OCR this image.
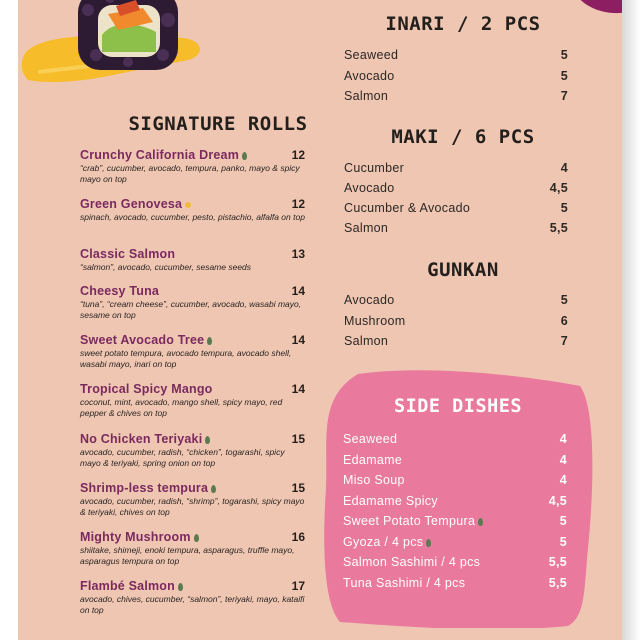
SIGNATURE ROLLS
Crunchy California Dream	12
“crab”, cucumber, avocado, tempura, panko, mayo & spicy mayo on top
Green Genovesa	12
spinach, avocado, cucumber, pesto, pistachio, alfalfa on top
Classic Salmon	13
“salmon”, avocado, cucumber, sesame seeds
Cheesy Tuna	14
“tuna”, “cream cheese”, cucumber, avocado, wasabi mayo, sesame on top
Sweet Avocado Tree	14
sweet potato tempura, avocado tempura, avocado shell, wasabi mayo, inari on top
Tropical Spicy Mango	14
coconut, mint, avocado, mango shell, spicy mayo, red pepper & chives on top
No Chicken Teriyaki	15
avocado, cucumber, radish, “chicken”, togarashi, spicy mayo & teriyaki, spring onion on top
Shrimp-less tempura	15
avocado, cucumber, radish, “shrimp”, togarashi, spicy mayo & teriyaki, chives on top
Mighty Mushroom	16
shiitake, shimeji, enoki tempura, asparagus, truffle mayo, asparagus tempura on top
Flambé Salmon	17
avocado, chives, cucumber, “salmon”, teriyaki, mayo, kataifi on top
INARI / 2 PCS
Seaweed	5
Avocado	5
Salmon	7
MAKI / 6 PCS
Cucumber	4
Avocado	4,5
Cucumber & Avocado	5
Salmon	5,5
GUNKAN
Avocado	5
Mushroom	6
Salmon	7
SIDE DISHES
Seaweed	4
Edamame	4
Miso Soup	4
Edamame Spicy	4,5
Sweet Potato Tempura	5
Gyoza / 4 pcs	5
Salmon Sashimi / 4 pcs	5,5
Tuna Sashimi / 4 pcs	5,5
